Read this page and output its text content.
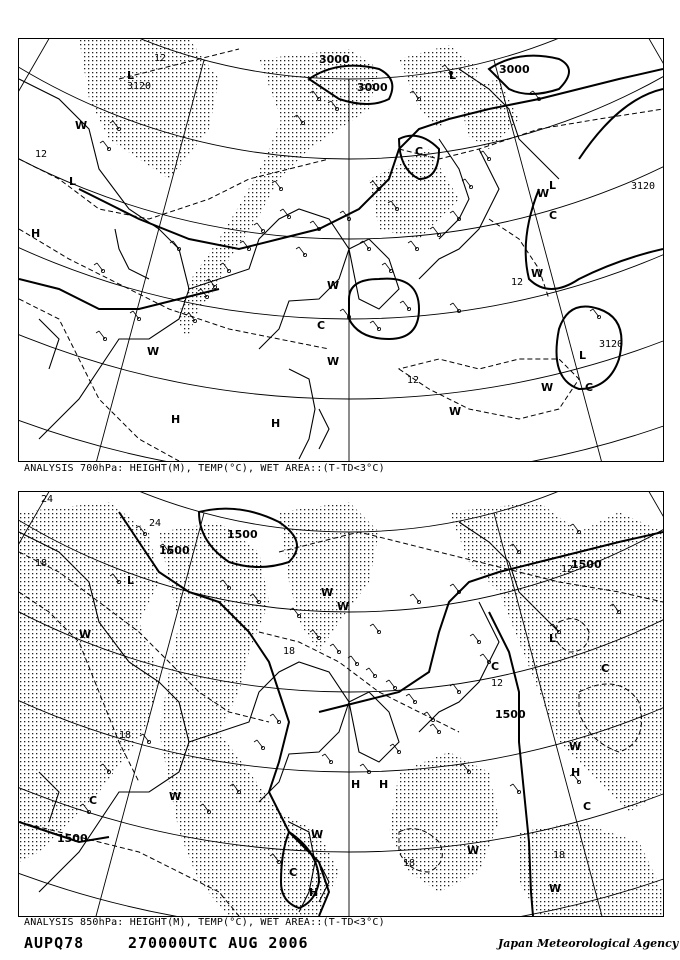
3000
3000
3000
3120
3120
3120
12
12
12
12
L
L	L
L
L
C
C
C
C
W
W
W
W
W
W
W
W
H
H
H
ANALYSIS 700hPa: HEIGHT(M), TEMP(°C), WET AREA::(T-TD<3°C)
1500
1500
1500
1500
1500
24
24
18
18
18
18
18
12
12
L
L
C
C
C	C
C
W
W
W
W
W
W
W
W
H
H
H
H
ANALYSIS 850hPa: HEIGHT(M), TEMP(°C), WET AREA::(T-TD<3°C)
AUPQ78	270000UTC AUG 2006	Japan Meteorological Agency
